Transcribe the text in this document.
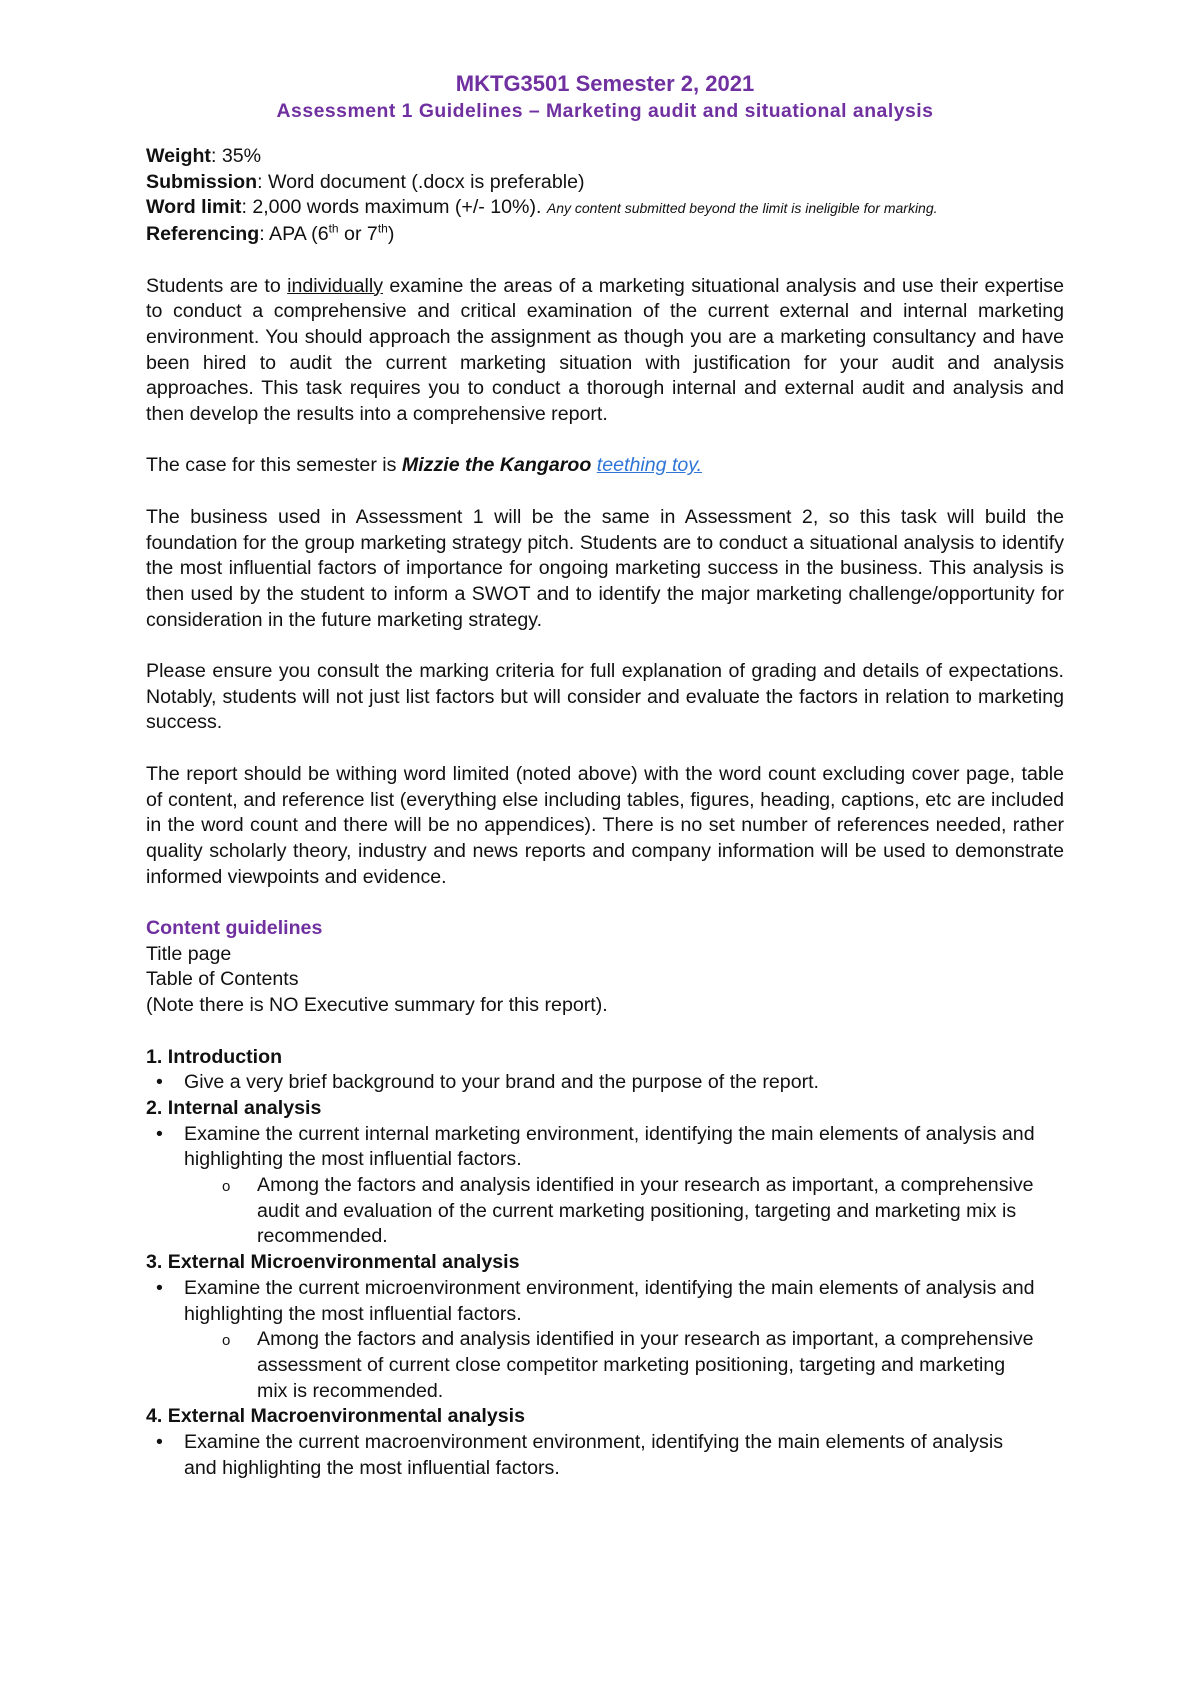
MKTG3501 Semester 2, 2021
Assessment 1 Guidelines – Marketing audit and situational analysis

Weight: 35%

Submission: Word document (.docx is preferable)

Word limit: 2,000 words maximum (+/- 10%). Any content submitted beyond the limit is ineligible for marking.

Referencing: APA (6th or 7th)

Students are to individually examine the areas of a marketing situational analysis and use their expertise to conduct a comprehensive and critical examination of the current external and internal marketing environment. You should approach the assignment as though you are a marketing consultancy and have been hired to audit the current marketing situation with justification for your audit and analysis approaches. This task requires you to conduct a thorough internal and external audit and analysis and then develop the results into a comprehensive report.

The case for this semester is Mizzie the Kangaroo teething toy.

The business used in Assessment 1 will be the same in Assessment 2, so this task will build the foundation for the group marketing strategy pitch. Students are to conduct a situational analysis to identify the most influential factors of importance for ongoing marketing success in the business. This analysis is then used by the student to inform a SWOT and to identify the major marketing challenge/opportunity for consideration in the future marketing strategy.

Please ensure you consult the marking criteria for full explanation of grading and details of expectations. Notably, students will not just list factors but will consider and evaluate the factors in relation to marketing success.

The report should be withing word limited (noted above) with the word count excluding cover page, table of content, and reference list (everything else including tables, figures, heading, captions, etc are included in the word count and there will be no appendices). There is no set number of references needed, rather quality scholarly theory, industry and news reports and company information will be used to demonstrate informed viewpoints and evidence.

Content guidelines

Title page

Table of Contents

(Note there is NO Executive summary for this report).

1. Introduction

• Give a very brief background to your brand and the purpose of the report.

2. Internal analysis

• Examine the current internal marketing environment, identifying the main elements of analysis and highlighting the most influential factors.
o Among the factors and analysis identified in your research as important, a comprehensive audit and evaluation of the current marketing positioning, targeting and marketing mix is recommended.

3. External Microenvironmental analysis

• Examine the current microenvironment environment, identifying the main elements of analysis and highlighting the most influential factors.
o Among the factors and analysis identified in your research as important, a comprehensive assessment of current close competitor marketing positioning, targeting and marketing mix is recommended.

4. External Macroenvironmental analysis

• Examine the current macroenvironment environment, identifying the main elements of analysis and highlighting the most influential factors.
